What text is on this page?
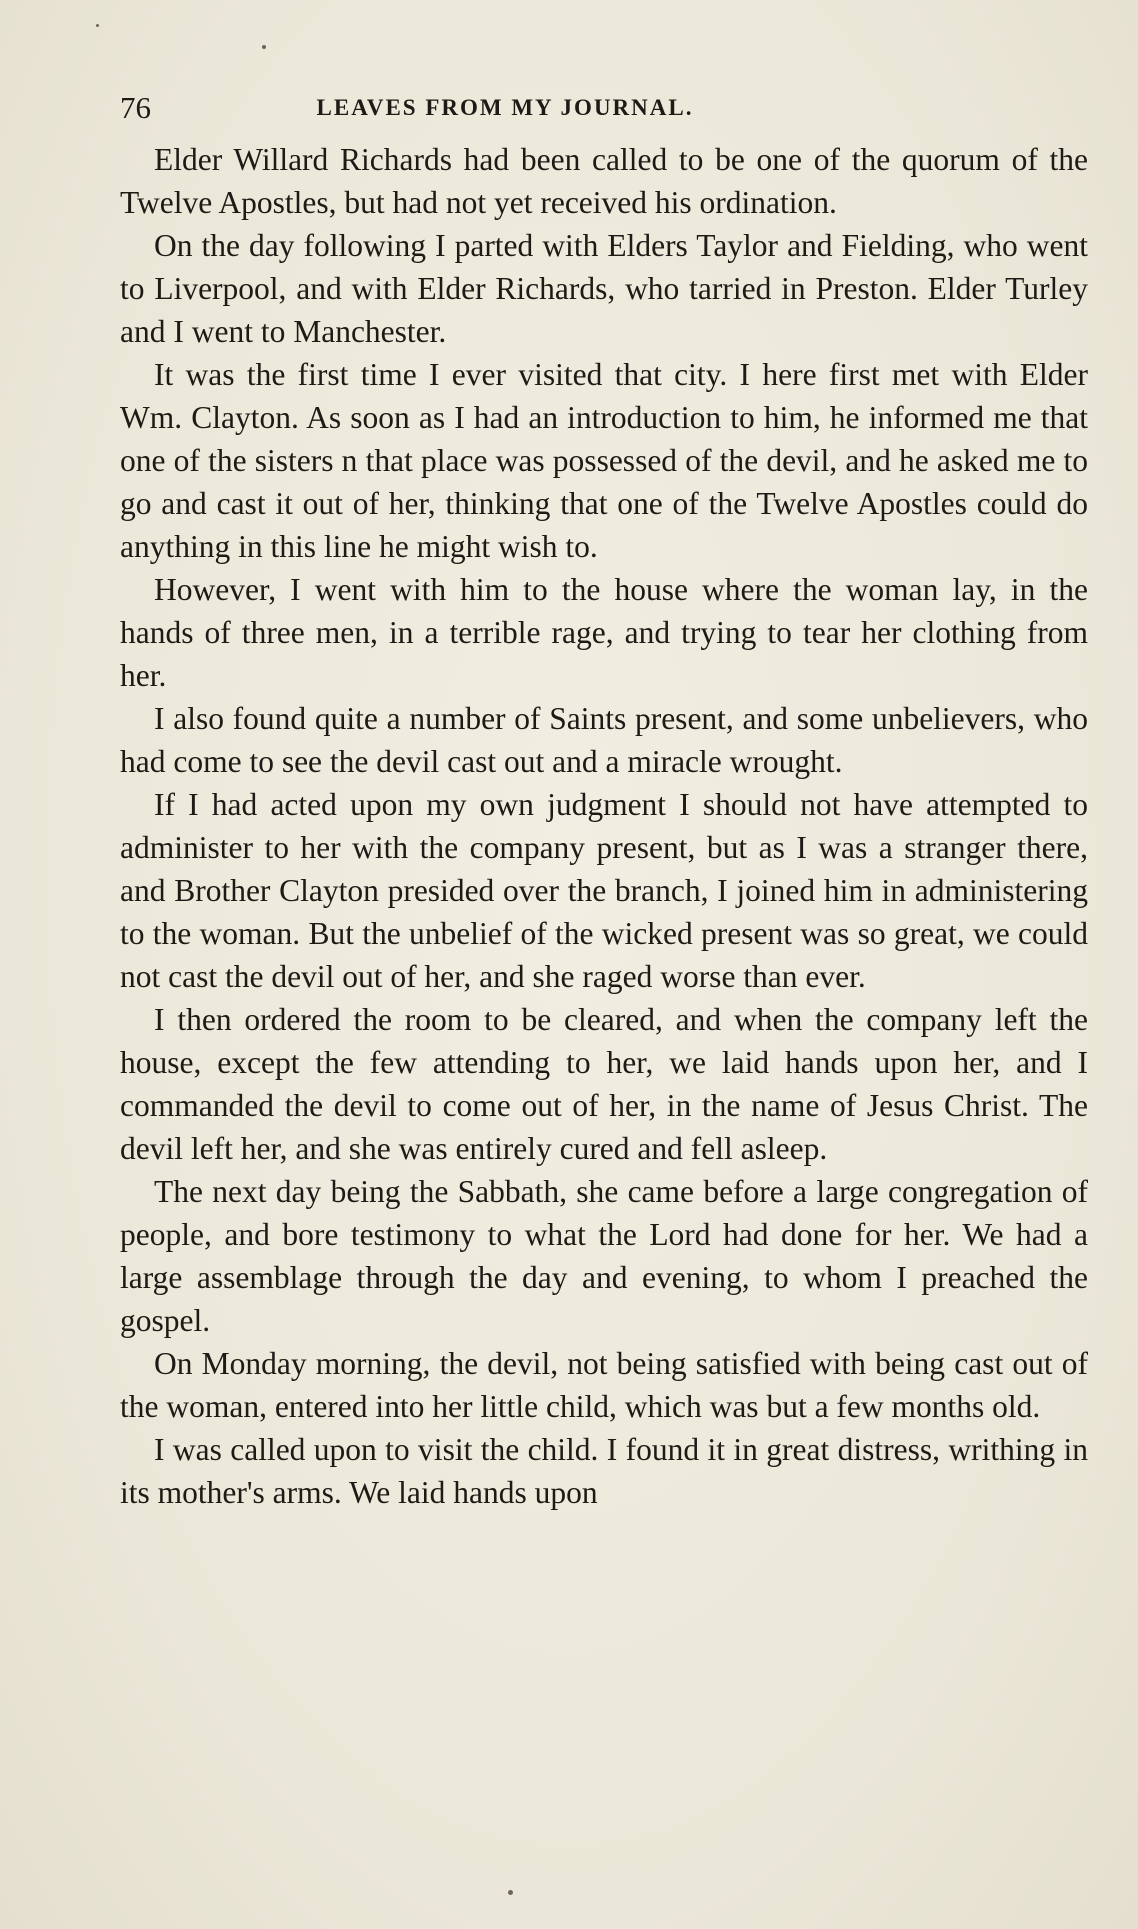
76	LEAVES FROM MY JOURNAL.

Elder Willard Richards had been called to be one of the quorum of the Twelve Apostles, but had not yet received his ordination.

On the day following I parted with Elders Taylor and Fielding, who went to Liverpool, and with Elder Richards, who tarried in Preston. Elder Turley and I went to Manchester.

It was the first time I ever visited that city. I here first met with Elder Wm. Clayton. As soon as I had an introduction to him, he informed me that one of the sisters n that place was possessed of the devil, and he asked me to go and cast it out of her, thinking that one of the Twelve Apostles could do anything in this line he might wish to.

However, I went with him to the house where the woman lay, in the hands of three men, in a terrible rage, and trying to tear her clothing from her.

I also found quite a number of Saints present, and some unbelievers, who had come to see the devil cast out and a miracle wrought.

If I had acted upon my own judgment I should not have attempted to administer to her with the company present, but as I was a stranger there, and Brother Clayton presided over the branch, I joined him in administering to the woman. But the unbelief of the wicked present was so great, we could not cast the devil out of her, and she raged worse than ever.

I then ordered the room to be cleared, and when the company left the house, except the few attending to her, we laid hands upon her, and I commanded the devil to come out of her, in the name of Jesus Christ. The devil left her, and she was entirely cured and fell asleep.

The next day being the Sabbath, she came before a large congregation of people, and bore testimony to what the Lord had done for her. We had a large assemblage through the day and evening, to whom I preached the gospel.

On Monday morning, the devil, not being satisfied with being cast out of the woman, entered into her little child, which was but a few months old.

I was called upon to visit the child. I found it in great distress, writhing in its mother's arms. We laid hands upon
